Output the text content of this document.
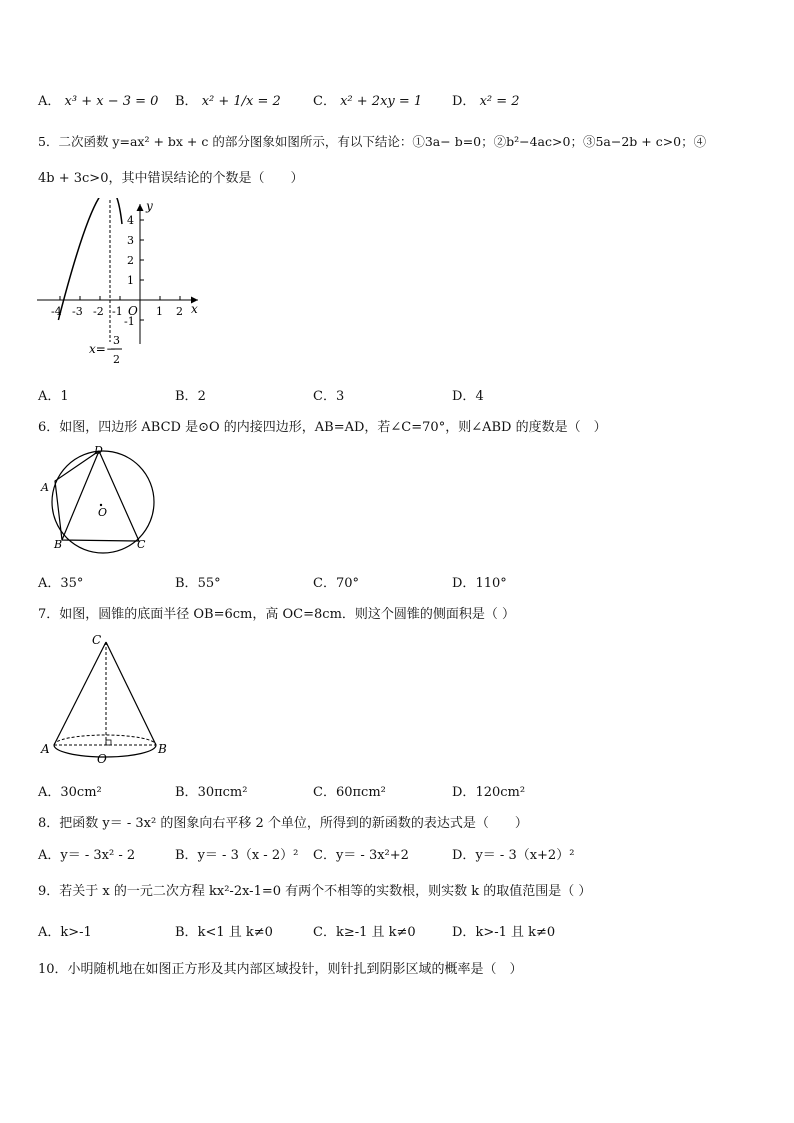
A． x³ + x − 3 = 0 B． x² + 1/x = 2 C． x² + 2xy = 1 D． x² = 2
5．二次函数 y=ax² + bx + c 的部分图象如图所示，有以下结论：①3a− b=0；②b²−4ac>0；③5a−2b + c>0；④
4b + 3c>0，其中错误结论的个数是（　　）
y
x
O
4
3
2
1
-1
-4 -3 -2 -1	1 2
x=−
3
2
A．1	B．2	C．3	D．4
6．如图，四边形 ABCD 是⊙O 的内接四边形，AB=AD，若∠C=70°，则∠ABD 的度数是（　）
D
A
B	C
O
A．35°	B．55°	C．70°	D．110°
7．如图，圆锥的底面半径 OB=6cm，高 OC=8cm．则这个圆锥的侧面积是（ ）
C
A	B
O
A．30cm²	B．30πcm²	C．60πcm²	D．120cm²
8．把函数 y＝ - 3x² 的图象向右平移 2 个单位，所得到的新函数的表达式是（　　）
A．y＝ - 3x² - 2	B．y＝ - 3（x - 2）² C．y＝ - 3x²+2	D．y＝ - 3（x+2）²
9．若关于 x 的一元二次方程 kx²-2x-1=0 有两个不相等的实数根，则实数 k 的取值范围是（ ）
A．k>-1	B．k<1 且 k≠0	C．k≥-1 且 k≠0	D．k>-1 且 k≠0
10．小明随机地在如图正方形及其内部区域投针，则针扎到阴影区域的概率是（　）
